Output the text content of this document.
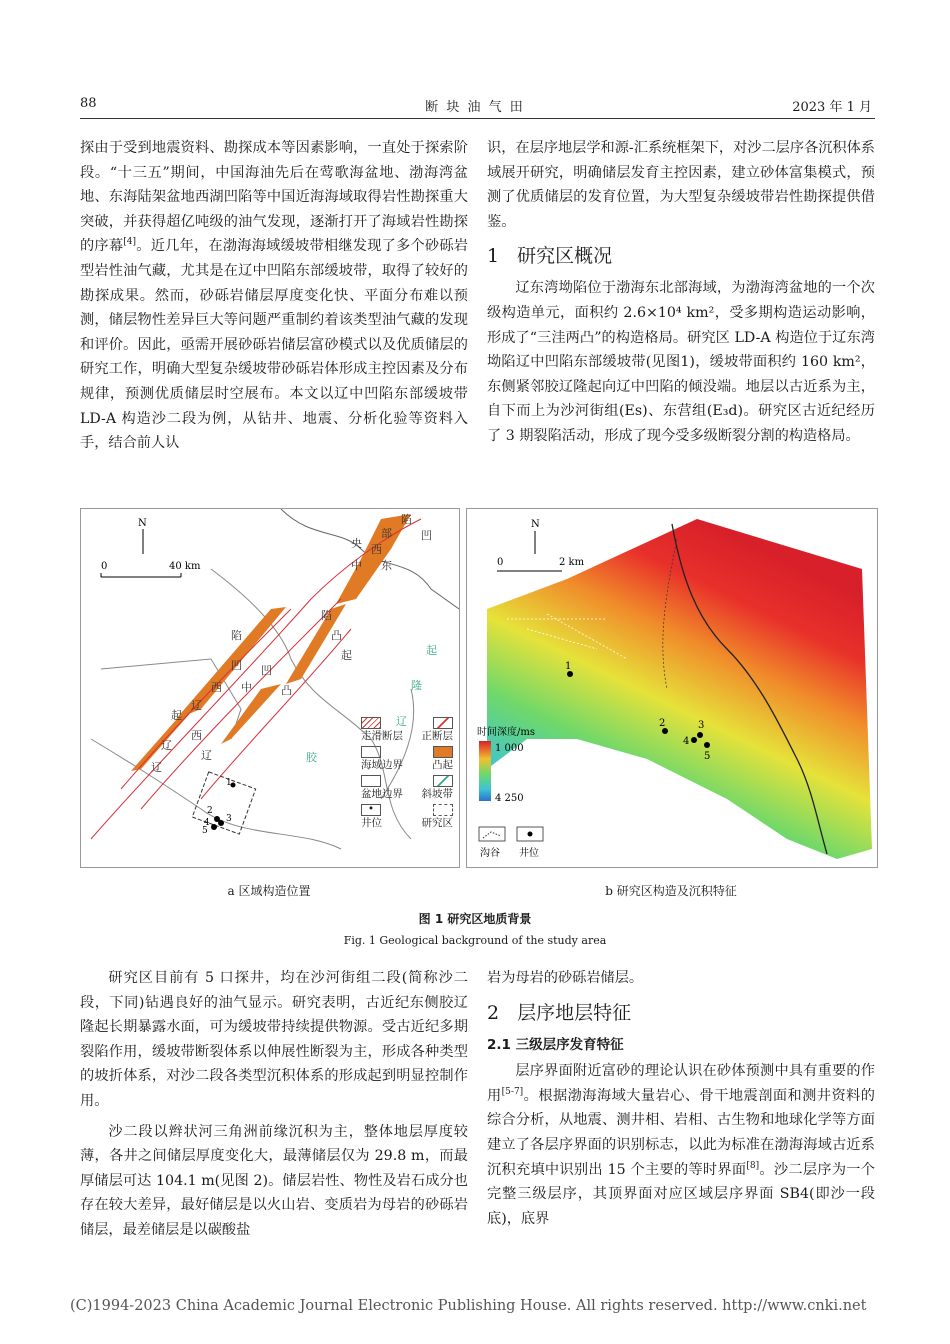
88	断 块 油 气 田	2023 年 1 月

探由于受到地震资料、勘探成本等因素影响，一直处于探索阶段。“十三五”期间，中国海油先后在莺歌海盆地、渤海湾盆地、东海陆架盆地西湖凹陷等中国近海海域取得岩性勘探重大突破，并获得超亿吨级的油气发现，逐渐打开了海域岩性勘探的序幕[4]。近几年，在渤海海域缓坡带相继发现了多个砂砾岩型岩性油气藏，尤其是在辽中凹陷东部缓坡带，取得了较好的勘探成果。然而，砂砾岩储层厚度变化快、平面分布难以预测，储层物性差异巨大等问题严重制约着该类型油气藏的发现和评价。因此，亟需开展砂砾岩储层富砂模式以及优质储层的研究工作，明确大型复杂缓坡带砂砾岩体形成主控因素及分布规律，预测优质储层时空展布。本文以辽中凹陷东部缓坡带 LD-A 构造沙二段为例，从钻井、地震、分析化验等资料入手，结合前人认

识，在层序地层学和源-汇系统框架下，对沙二层序各沉积体系域展开研究，明确储层发育主控因素，建立砂体富集模式，预测了优质储层的发育位置，为大型复杂缓坡带岩性勘探提供借鉴。

1 研究区概况

辽东湾坳陷位于渤海东北部海域，为渤海湾盆地的一个次级构造单元，面积约 2.6×10⁴ km²，受多期构造运动影响，形成了“三洼两凸”的构造格局。研究区 LD-A 构造位于辽东湾坳陷辽中凹陷东部缓坡带(见图1)，缓坡带面积约 160 km²，东侧紧邻胶辽隆起向辽中凹陷的倾没端。地层以古近系为主，自下而上为沙河街组(Es)、东营组(E₃d)。研究区古近纪经历了 3 期裂陷活动，形成了现今受多级断裂分割的构造格局。

0	40 km
N
1
2
4
5
3
陷
部
西
央
东
中
凹
陷
凸
起	起
隆
辽
胶
陷
凹 凹
西 中	凸
辽
起
辽
西
辽
辽
走滑断层 正断层
海域边界	凸起
盆地边界 斜坡带
•
井位	研究区
N
0	2 km
1
2	3
4
5
时间深度/ms
1 000
4 250
沟谷 井位
a 区域构造位置	b 研究区构造及沉积特征
图 1 研究区地质背景
Fig. 1 Geological background of the study area

研究区目前有 5 口探井，均在沙河街组二段(简称沙二段，下同)钻遇良好的油气显示。研究表明，古近纪东侧胶辽隆起长期暴露水面，可为缓坡带持续提供物源。受古近纪多期裂陷作用，缓坡带断裂体系以伸展性断裂为主，形成各种类型的坡折体系，对沙二段各类型沉积体系的形成起到明显控制作用。

沙二段以辫状河三角洲前缘沉积为主，整体地层厚度较薄，各井之间储层厚度变化大，最薄储层仅为 29.8 m，而最厚储层可达 104.1 m(见图 2)。储层岩性、物性及岩石成分也存在较大差异，最好储层是以火山岩、变质岩为母岩的砂砾岩储层，最差储层是以碳酸盐

岩为母岩的砂砾岩储层。

2 层序地层特征
2.1 三级层序发育特征

层序界面附近富砂的理论认识在砂体预测中具有重要的作用[5-7]。根据渤海海域大量岩心、骨干地震剖面和测井资料的综合分析，从地震、测井相、岩相、古生物和地球化学等方面建立了各层序界面的识别标志，以此为标准在渤海海域古近系沉积充填中识别出 15 个主要的等时界面[8]。沙二层序为一个完整三级层序，其顶界面对应区域层序界面 SB4(即沙一段底)，底界

(C)1994-2023 China Academic Journal Electronic Publishing House. All rights reserved. http://www.cnki.net
